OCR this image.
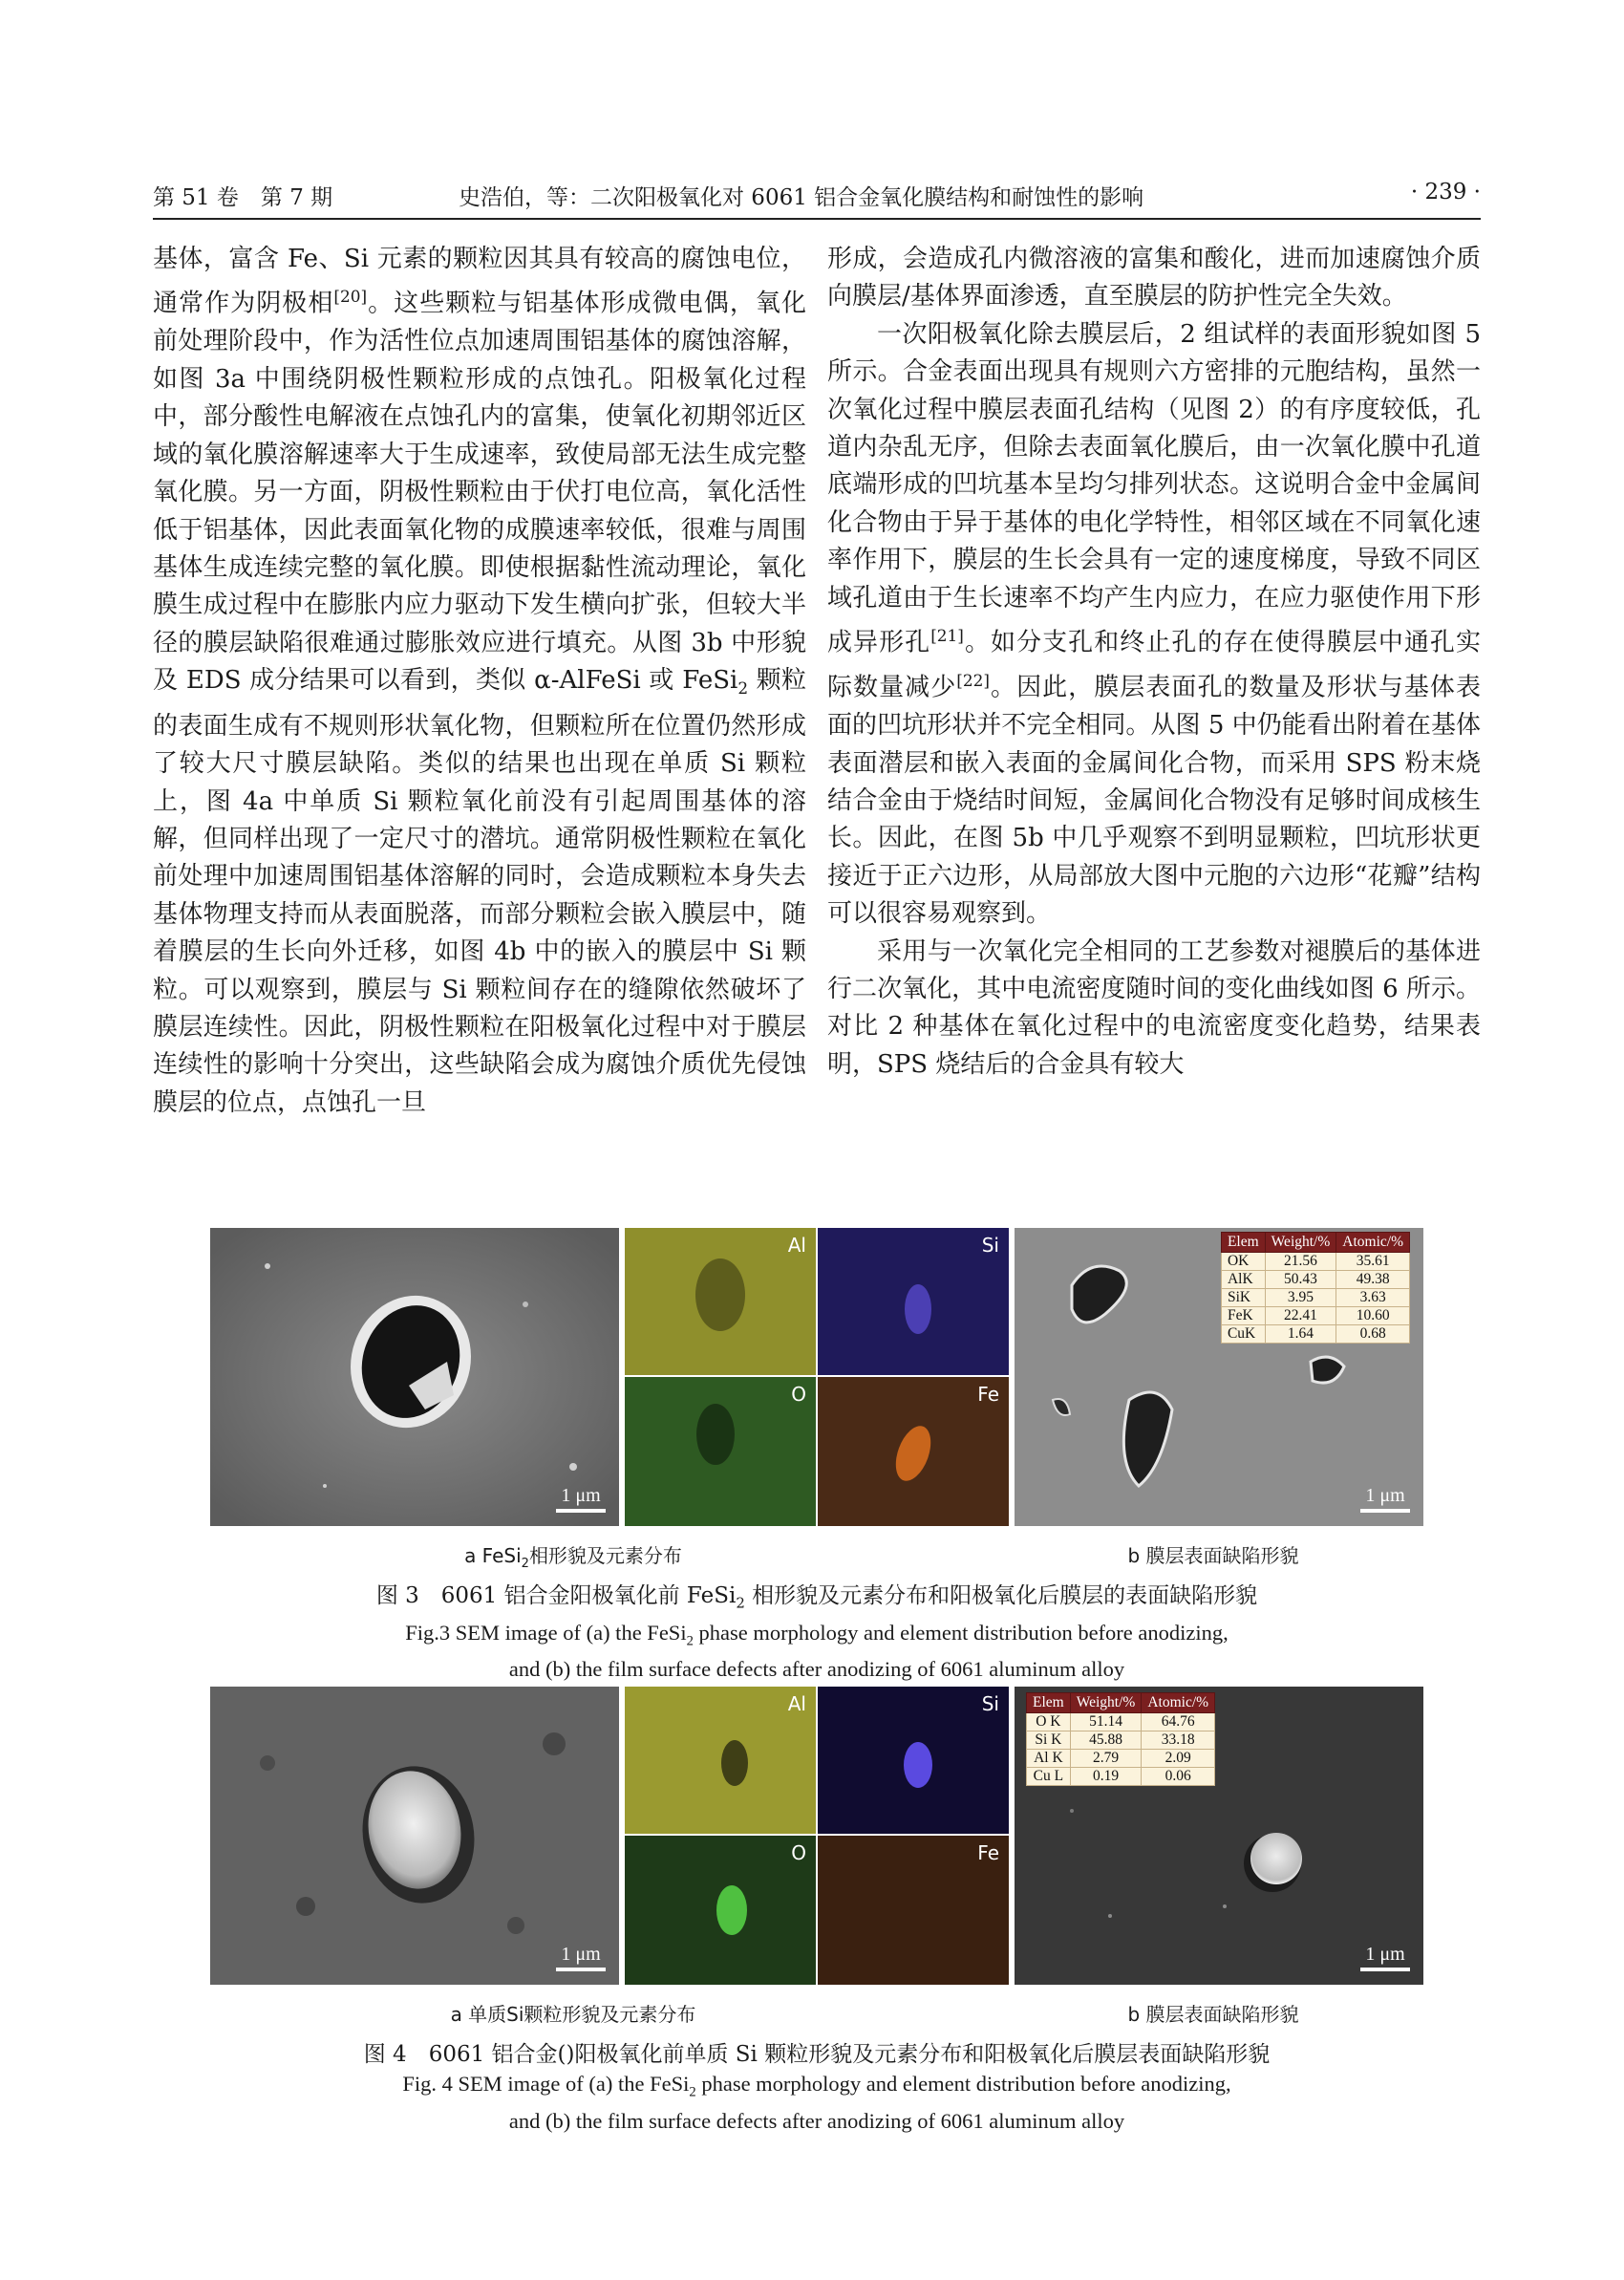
第 51 卷　第 7 期	史浩伯，等：二次阳极氧化对 6061 铝合金氧化膜结构和耐蚀性的影响	· 239 ·

基体，富含 Fe、Si 元素的颗粒因其具有较高的腐蚀电位，通常作为阴极相[20]。这些颗粒与铝基体形成微电偶，氧化前处理阶段中，作为活性位点加速周围铝基体的腐蚀溶解，如图 3a 中围绕阴极性颗粒形成的点蚀孔。阳极氧化过程中，部分酸性电解液在点蚀孔内的富集，使氧化初期邻近区域的氧化膜溶解速率大于生成速率，致使局部无法生成完整氧化膜。另一方面，阴极性颗粒由于伏打电位高，氧化活性低于铝基体，因此表面氧化物的成膜速率较低，很难与周围基体生成连续完整的氧化膜。即使根据黏性流动理论，氧化膜生成过程中在膨胀内应力驱动下发生横向扩张，但较大半径的膜层缺陷很难通过膨胀效应进行填充。从图 3b 中形貌及 EDS 成分结果可以看到，类似 α-AlFeSi 或 FeSi$_2$ 颗粒的表面生成有不规则形状氧化物，但颗粒所在位置仍然形成了较大尺寸膜层缺陷。类似的结果也出现在单质 Si 颗粒上，图 4a 中单质 Si 颗粒氧化前没有引起周围基体的溶解，但同样出现了一定尺寸的潜坑。通常阴极性颗粒在氧化前处理中加速周围铝基体溶解的同时，会造成颗粒本身失去基体物理支持而从表面脱落，而部分颗粒会嵌入膜层中，随着膜层的生长向外迁移，如图 4b 中的嵌入的膜层中 Si 颗粒。可以观察到，膜层与 Si 颗粒间存在的缝隙依然破坏了膜层连续性。因此，阴极性颗粒在阳极氧化过程中对于膜层连续性的影响十分突出，这些缺陷会成为腐蚀介质优先侵蚀膜层的位点，点蚀孔一旦

形成，会造成孔内微溶液的富集和酸化，进而加速腐蚀介质向膜层/基体界面渗透，直至膜层的防护性完全失效。

一次阳极氧化除去膜层后，2 组试样的表面形貌如图 5 所示。合金表面出现具有规则六方密排的元胞结构，虽然一次氧化过程中膜层表面孔结构（见图 2）的有序度较低，孔道内杂乱无序，但除去表面氧化膜后，由一次氧化膜中孔道底端形成的凹坑基本呈均匀排列状态。这说明合金中金属间化合物由于异于基体的电化学特性，相邻区域在不同氧化速率作用下，膜层的生长会具有一定的速度梯度，导致不同区域孔道由于生长速率不均产生内应力，在应力驱使作用下形成异形孔[21]。如分支孔和终止孔的存在使得膜层中通孔实际数量减少[22]。因此，膜层表面孔的数量及形状与基体表面的凹坑形状并不完全相同。从图 5 中仍能看出附着在基体表面潜层和嵌入表面的金属间化合物，而采用 SPS 粉末烧结合金由于烧结时间短，金属间化合物没有足够时间成核生长。因此，在图 5b 中几乎观察不到明显颗粒，凹坑形状更接近于正六边形，从局部放大图中元胞的六边形“花瓣”结构可以很容易观察到。

采用与一次氧化完全相同的工艺参数对褪膜后的基体进行二次氧化，其中电流密度随时间的变化曲线如图 6 所示。对比 2 种基体在氧化过程中的电流密度变化趋势，结果表明，SPS 烧结后的合金具有较大

1 μm
Al	Si
O	Fe
Elem	Weight/%	Atomic/%
OK	21.56	35.61
AlK	50.43	49.38
SiK	3.95	3.63
FeK	22.41	10.60
CuK	1.64	0.68
1 μm
a FeSi$_2$相形貌及元素分布	b 膜层表面缺陷形貌
图 3　6061 铝合金阳极氧化前 FeSi$_2$ 相形貌及元素分布和阳极氧化后膜层的表面缺陷形貌
Fig.3 SEM image of (a) the FeSi$_2$ phase morphology and element distribution before anodizing,
and (b) the film surface defects after anodizing of 6061 aluminum alloy
1 μm
Al	Si
O	Fe
Elem	Weight/%	Atomic/%
O K	51.14	64.76
Si K	45.88	33.18
Al K	2.79	2.09
Cu L	0.19	0.06
1 μm
a 单质Si颗粒形貌及元素分布	b 膜层表面缺陷形貌
图 4　6061 铝合金()阳极氧化前单质 Si 颗粒形貌及元素分布和阳极氧化后膜层表面缺陷形貌
Fig. 4 SEM image of (a) the FeSi$_2$ phase morphology and element distribution before anodizing,
and (b) the film surface defects after anodizing of 6061 aluminum alloy
